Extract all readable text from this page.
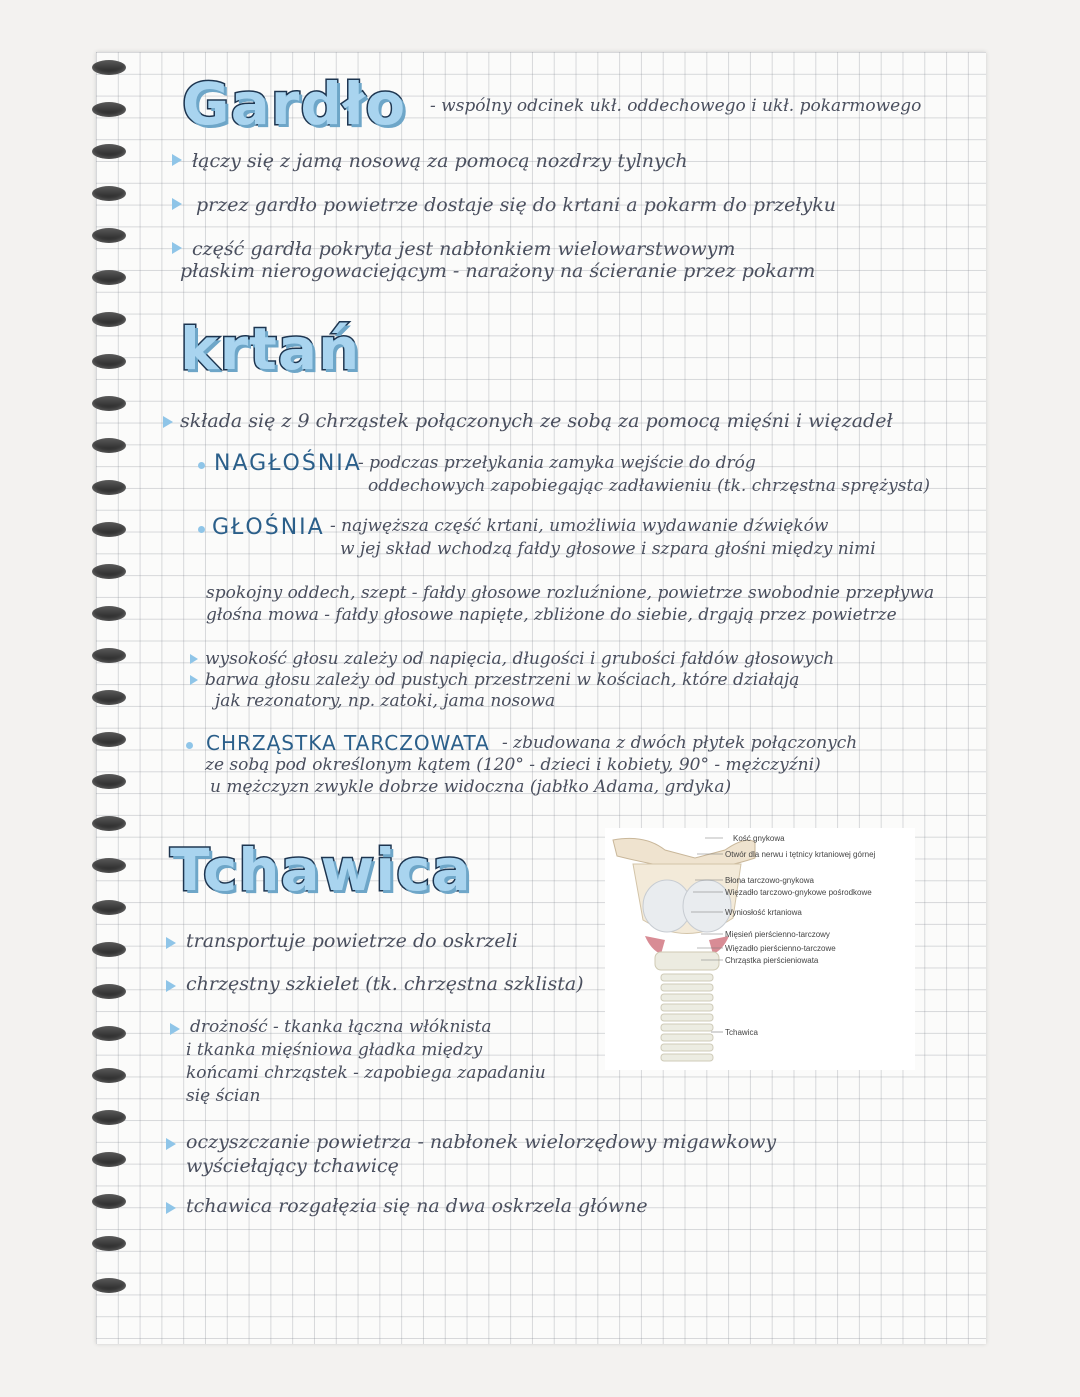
Gardło - wspólny odcinek ukł. oddechowego i ukł. pokarmowego
łączy się z jamą nosową za pomocą nozdrzy tylnych
przez gardło powietrze dostaje się do krtani a pokarm do przełyku
część gardła pokryta jest nabłonkiem wielowarstwowym
płaskim nierogowaciejącym - narażony na ścieranie przez pokarm
krtań
składa się z 9 chrząstek połączonych ze sobą za pomocą mięśni i więzadeł
NAGŁOŚNIA
- podczas przełykania zamyka wejście do dróg
oddechowych zapobiegając zadławieniu (tk. chrzęstna sprężysta)
GŁOŚNIA - najwęższa część krtani, umożliwia wydawanie dźwięków
w jej skład wchodzą fałdy głosowe i szpara głośni między nimi
spokojny oddech, szept - fałdy głosowe rozluźnione, powietrze swobodnie przepływa
głośna mowa - fałdy głosowe napięte, zbliżone do siebie, drgają przez powietrze
wysokość głosu zależy od napięcia, długości i grubości fałdów głosowych
barwa głosu zależy od pustych przestrzeni w kościach, które działają
jak rezonatory, np. zatoki, jama nosowa
CHRZĄSTKA TARCZOWATA - zbudowana z dwóch płytek połączonych
ze sobą pod określonym kątem (120° - dzieci i kobiety, 90° - mężczyźni)
u mężczyzn zwykle dobrze widoczna (jabłko Adama, grdyka)
Tchawica
transportuje powietrze do oskrzeli
chrzęstny szkielet (tk. chrzęstna szklista)
drożność - tkanka łączna włóknista
i tkanka mięśniowa gładka między
końcami chrząstek - zapobiega zapadaniu
się ścian
oczyszczanie powietrza - nabłonek wielorzędowy migawkowy
wyściełający tchawicę
tchawica rozgałęzia się na dwa oskrzela główne
Kość gnykowa
Otwór dla nerwu i tętnicy krtaniowej górnej
Błona tarczowo-gnykowa
Więzadło tarczowo-gnykowe pośrodkowe
Wyniosłość krtaniowa
Mięsień pierścienno-tarczowy
Więzadło pierścienno-tarczowe
Chrząstka pierścieniowata
Tchawica
